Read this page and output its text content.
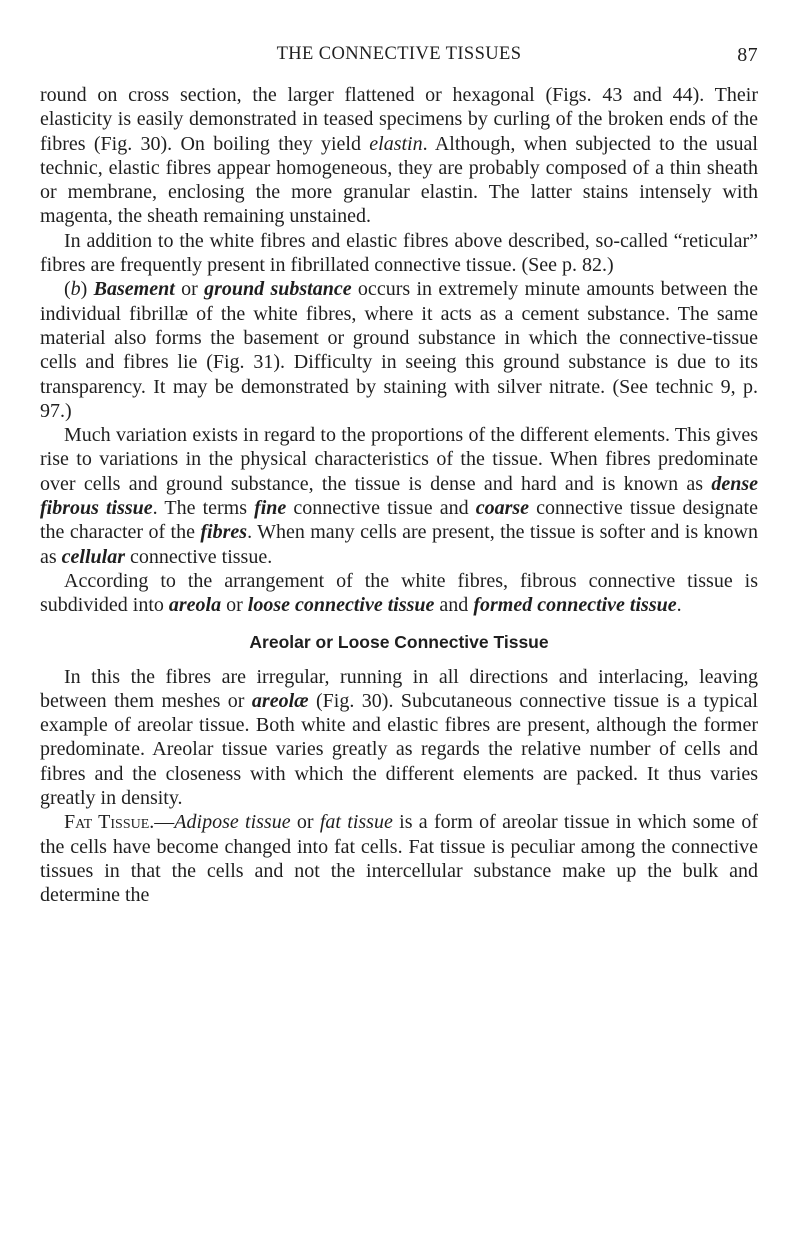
THE CONNECTIVE TISSUES	87

round on cross section, the larger flattened or hexagonal (Figs. 43 and 44). Their elasticity is easily demonstrated in teased specimens by curling of the broken ends of the fibres (Fig. 30). On boiling they yield elastin. Although, when subjected to the usual technic, elastic fibres appear homogeneous, they are probably composed of a thin sheath or membrane, enclosing the more granular elastin. The latter stains intensely with magenta, the sheath remaining unstained.

In addition to the white fibres and elastic fibres above described, so-called “reticular” fibres are frequently present in fibrillated connective tissue. (See p. 82.)

(b) Basement or ground substance occurs in extremely minute amounts between the individual fibrillæ of the white fibres, where it acts as a cement substance. The same material also forms the basement or ground substance in which the connective-tissue cells and fibres lie (Fig. 31). Difficulty in seeing this ground substance is due to its transparency. It may be demonstrated by staining with silver nitrate. (See technic 9, p. 97.)

Much variation exists in regard to the proportions of the different elements. This gives rise to variations in the physical characteristics of the tissue. When fibres predominate over cells and ground substance, the tissue is dense and hard and is known as dense fibrous tissue. The terms fine connective tissue and coarse connective tissue designate the character of the fibres. When many cells are present, the tissue is softer and is known as cellular connective tissue.

According to the arrangement of the white fibres, fibrous connective tissue is subdivided into areola or loose connective tissue and formed connective tissue.

Areolar or Loose Connective Tissue

In this the fibres are irregular, running in all directions and interlacing, leaving between them meshes or areolæ (Fig. 30). Subcutaneous connective tissue is a typical example of areolar tissue. Both white and elastic fibres are present, although the former predominate. Areolar tissue varies greatly as regards the relative number of cells and fibres and the closeness with which the different elements are packed. It thus varies greatly in density.

Fat Tissue.—Adipose tissue or fat tissue is a form of areolar tissue in which some of the cells have become changed into fat cells. Fat tissue is peculiar among the connective tissues in that the cells and not the intercellular substance make up the bulk and determine the
